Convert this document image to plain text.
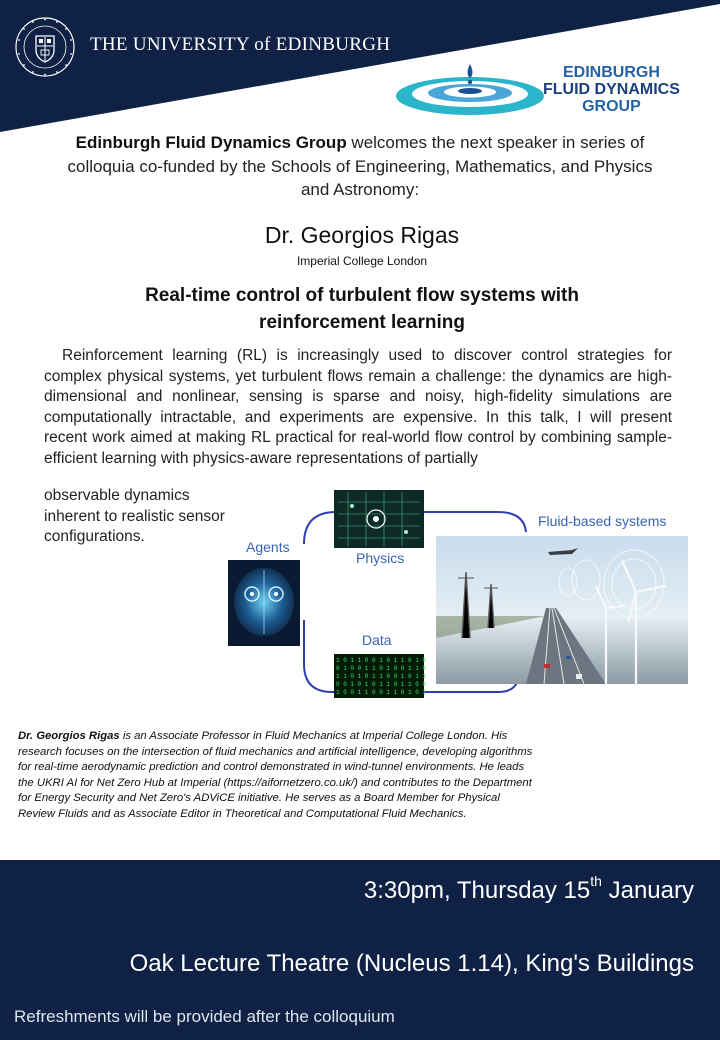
THE UNIVERSITY of EDINBURGH
EDINBURGH
FLUID DYNAMICS
GROUP
Edinburgh Fluid Dynamics Group welcomes the next speaker in series of colloquia co-funded by the Schools of Engineering, Mathematics, and Physics and Astronomy:
Dr. Georgios Rigas
Imperial College London
Real-time control of turbulent flow systems with reinforcement learning
Reinforcement learning (RL) is increasingly used to discover control strategies for complex physical systems, yet turbulent flows remain a challenge: the dynamics are high-dimensional and nonlinear, sensing is sparse and noisy, high-fidelity simulations are computationally intractable, and experiments are expensive. In this talk, I will present recent work aimed at making RL practical for real-world flow control by combining sample-efficient learning with physics-aware representations of partially
observable dynamics inherent to realistic sensor configurations.
Physics
Agents
Data
1 0 1 1 0 0 1 0 1 1 0 1 0
0 1 0 0 1 1 0 1 0 0 1 1 0
1 1 0 1 0 1 1 0 0 1 0 1 1
0 0 1 0 1 0 1 1 0 1 1 0 0
1 0 0 1 1 0 0 1 1 0 1 0 1
Fluid-based systems
Dr. Georgios Rigas is an Associate Professor in Fluid Mechanics at Imperial College London. His research focuses on the intersection of fluid mechanics and artificial intelligence, developing algorithms for real-time aerodynamic prediction and control demonstrated in wind-tunnel environments. He leads the UKRI AI for Net Zero Hub at Imperial (https://aifornetzero.co.uk/) and contributes to the Department for Energy Security and Net Zero's ADViCE initiative. He serves as a Board Member for Physical Review Fluids and as Associate Editor in Theoretical and Computational Fluid Mechanics.
3:30pm, Thursday 15th January
Oak Lecture Theatre (Nucleus 1.14), King's Buildings
Refreshments will be provided after the colloquium
